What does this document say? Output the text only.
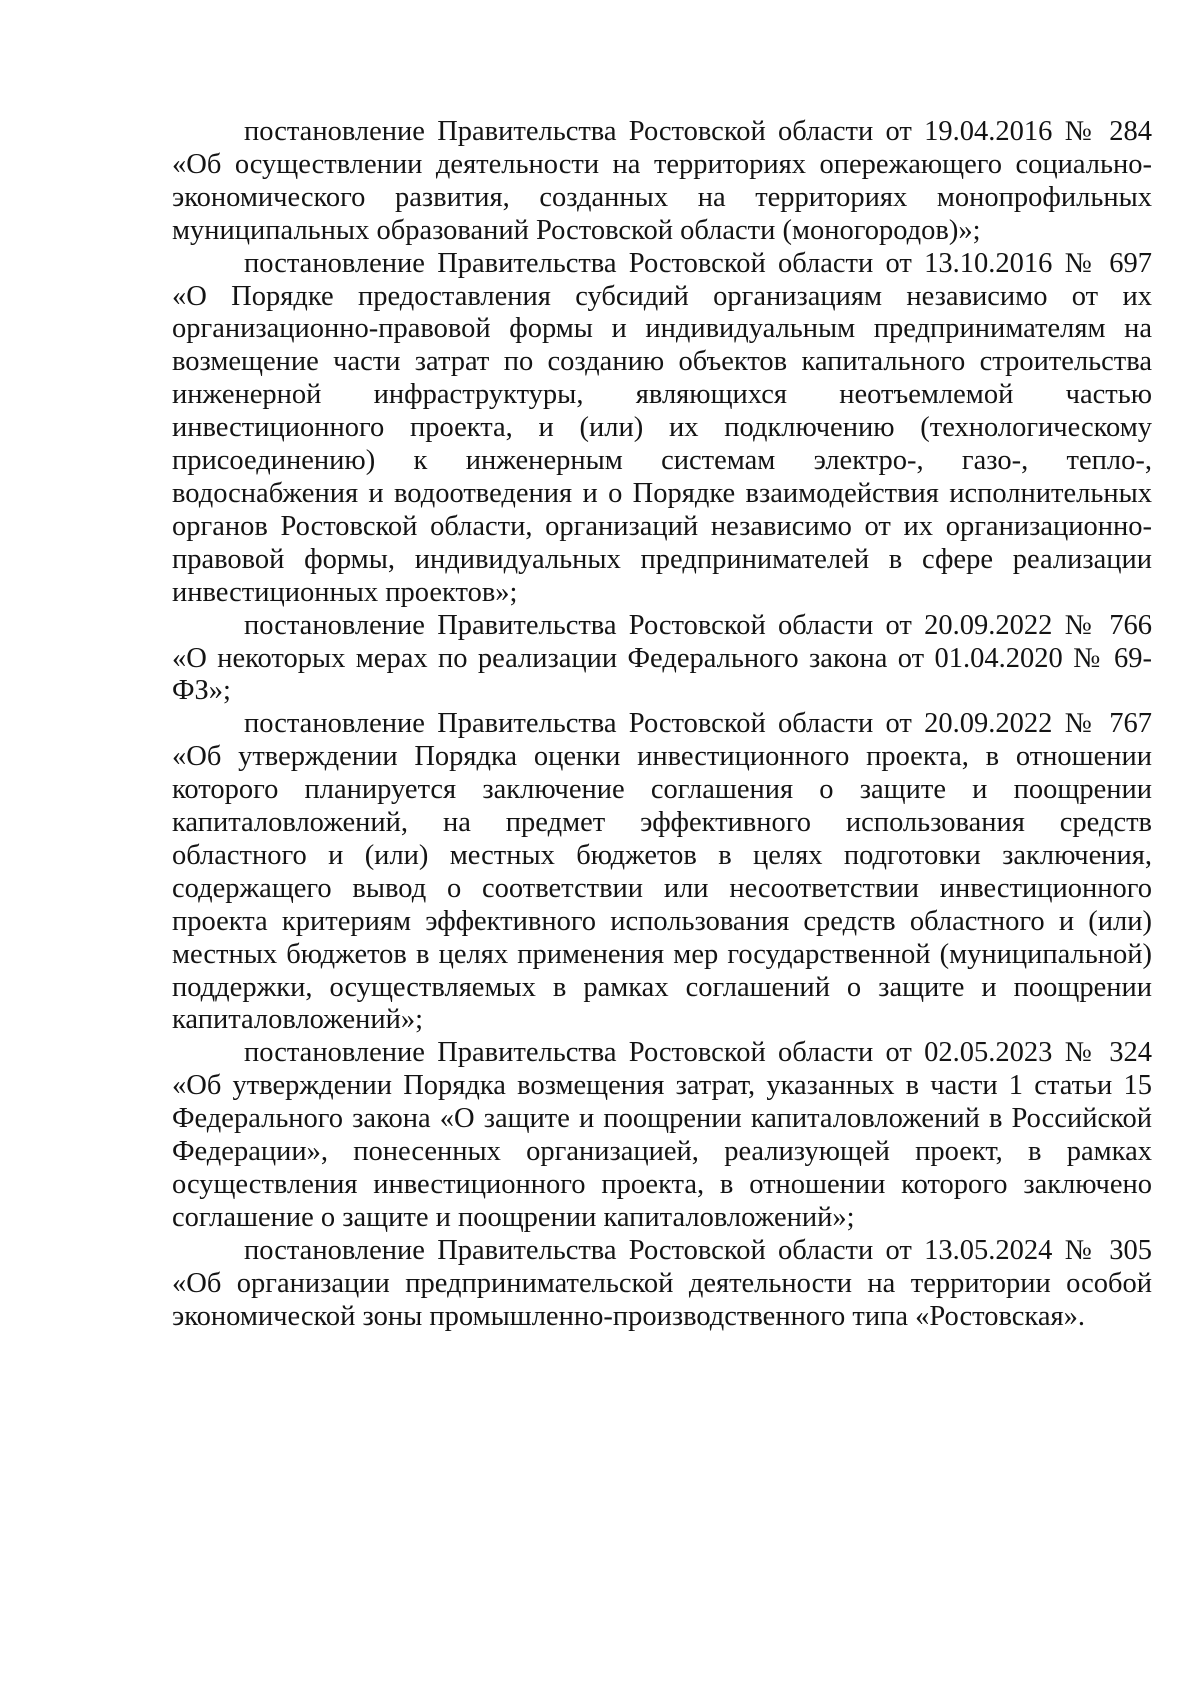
постановление Правительства Ростовской области от 19.04.2016 № 284 «Об осуществлении деятельности на территориях опережающего социально-экономического развития, созданных на территориях монопрофильных муниципальных образований Ростовской области (моногородов)»;

постановление Правительства Ростовской области от 13.10.2016 № 697 «О Порядке предоставления субсидий организациям независимо от их организационно-правовой формы и индивидуальным предпринимателям на возмещение части затрат по созданию объектов капитального строительства инженерной инфраструктуры, являющихся неотъемлемой частью инвестиционного проекта, и (или) их подключению (технологическому присоединению) к инженерным системам электро-, газо-, тепло-, водоснабжения и водоотведения и о Порядке взаимодействия исполнительных органов Ростовской области, организаций независимо от их организационно-правовой формы, индивидуальных предпринимателей в сфере реализации инвестиционных проектов»;

постановление Правительства Ростовской области от 20.09.2022 № 766 «О некоторых мерах по реализации Федерального закона от 01.04.2020 № 69-ФЗ»;

постановление Правительства Ростовской области от 20.09.2022 № 767 «Об утверждении Порядка оценки инвестиционного проекта, в отношении которого планируется заключение соглашения о защите и поощрении капиталовложений, на предмет эффективного использования средств областного и (или) местных бюджетов в целях подготовки заключения, содержащего вывод о соответствии или несоответствии инвестиционного проекта критериям эффективного использования средств областного и (или) местных бюджетов в целях применения мер государственной (муниципальной) поддержки, осуществляемых в рамках соглашений о защите и поощрении капиталовложений»;

постановление Правительства Ростовской области от 02.05.2023 № 324 «Об утверждении Порядка возмещения затрат, указанных в части 1 статьи 15 Федерального закона «О защите и поощрении капиталовложений в Российской Федерации», понесенных организацией, реализующей проект, в рамках осуществления инвестиционного проекта, в отношении которого заключено соглашение о защите и поощрении капиталовложений»;

постановление Правительства Ростовской области от 13.05.2024 № 305 «Об организации предпринимательской деятельности на территории особой экономической зоны промышленно-производственного типа «Ростовская».
